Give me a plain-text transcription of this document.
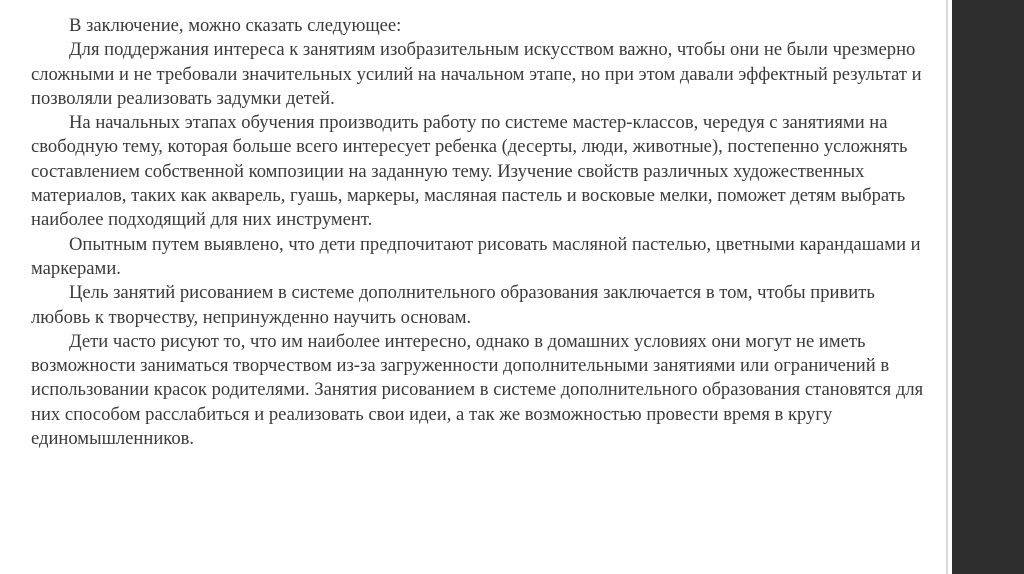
В заключение, можно сказать следующее:

Для поддержания интереса к занятиям изобразительным искусством важно, чтобы они не были чрезмерно сложными и не требовали значительных усилий на начальном этапе, но при этом давали эффектный результат и позволяли реализовать задумки детей.

На начальных этапах обучения производить работу по системе мастер-классов, чередуя с занятиями на свободную тему, которая больше всего интересует ребенка (десерты, люди, животные), постепенно усложнять составлением собственной композиции на заданную тему. Изучение свойств различных художественных материалов, таких как акварель, гуашь, маркеры, масляная пастель и восковые мелки, поможет детям выбрать наиболее подходящий для них инструмент.

Опытным путем выявлено, что дети предпочитают рисовать масляной пастелью, цветными карандашами и маркерами.

Цель занятий рисованием в системе дополнительного образования заключается в том, чтобы привить любовь к творчеству, непринужденно научить основам.

Дети часто рисуют то, что им наиболее интересно, однако в домашних условиях они могут не иметь возможности заниматься творчеством из-за загруженности дополнительными занятиями или ограничений в использовании красок родителями. Занятия рисованием в системе дополнительного образования становятся для них способом расслабиться и реализовать свои идеи, а так же возможностью провести время в кругу единомышленников.
